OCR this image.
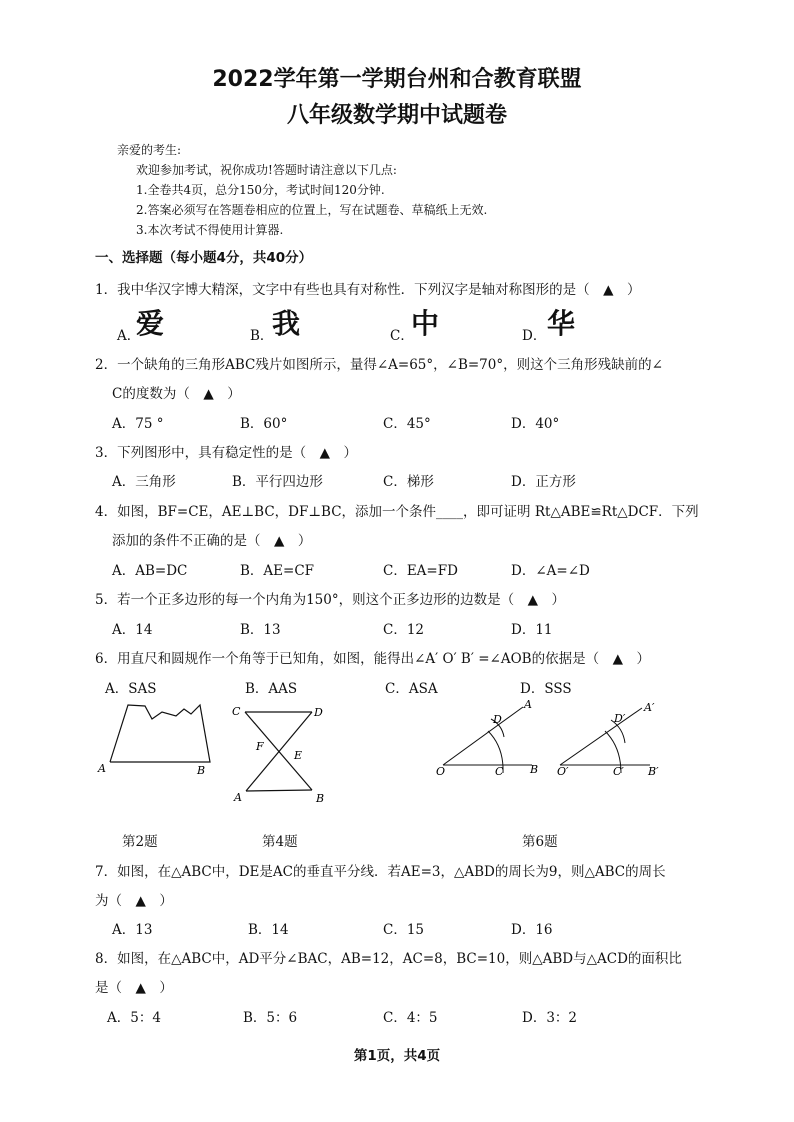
2022学年第一学期台州和合教育联盟
八年级数学期中试题卷
亲爱的考生:
欢迎参加考试，祝你成功!答题时请注意以下几点:
1.全卷共4页，总分150分，考试时间120分钟.
2.答案必须写在答题卷相应的位置上，写在试题卷、草稿纸上无效.
3.本次考试不得使用计算器.
一、选择题（每小题4分，共40分）
1．我中华汉字博大精深，文字中有些也具有对称性．下列汉字是轴对称图形的是（　▲　）
A．
爱	B．
我	C．
中	D． 华
2．一个缺角的三角形ABC残片如图所示，量得∠A=65°，∠B=70°，则这个三角形残缺前的∠
C的度数为（　▲　）
A．75 °	B．60°	C．45°	D．40°
3．下列图形中，具有稳定性的是（　▲　）
A．三角形	B．平行四边形	C．梯形	D．正方形
4．如图，BF=CE，AE⊥BC，DF⊥BC，添加一个条件____，即可证明 Rt△ABE≌Rt△DCF．下列
添加的条件不正确的是（　▲　）
A．AB=DC	B．AE=CF	C．EA=FD	D．∠A=∠D
5．若一个正多边形的每一个内角为150°，则这个正多边形的边数是（　▲　）
A．14	B．13	C．12	D．11
6．用直尺和圆规作一个角等于已知角，如图，能得出∠A′ O′ B′ =∠AOB的依据是（　▲　）
A．SAS	B．AAS	C．ASA	D．SSS
A	B
C	D
F
E
A	B
D
A
O	C B
D′
A′
O′	C′ B′
第2题	第4题	第6题
7．如图，在△ABC中，DE是AC的垂直平分线．若AE=3，△ABD的周长为9，则△ABC的周长
为（　▲　）
A．13	B．14	C．15	D．16
8．如图，在△ABC中，AD平分∠BAC，AB=12，AC=8，BC=10，则△ABD与△ACD的面积比
是（　▲　）
A．5：4	B．5：6	C．4：5	D．3：2
第1页，共4页
